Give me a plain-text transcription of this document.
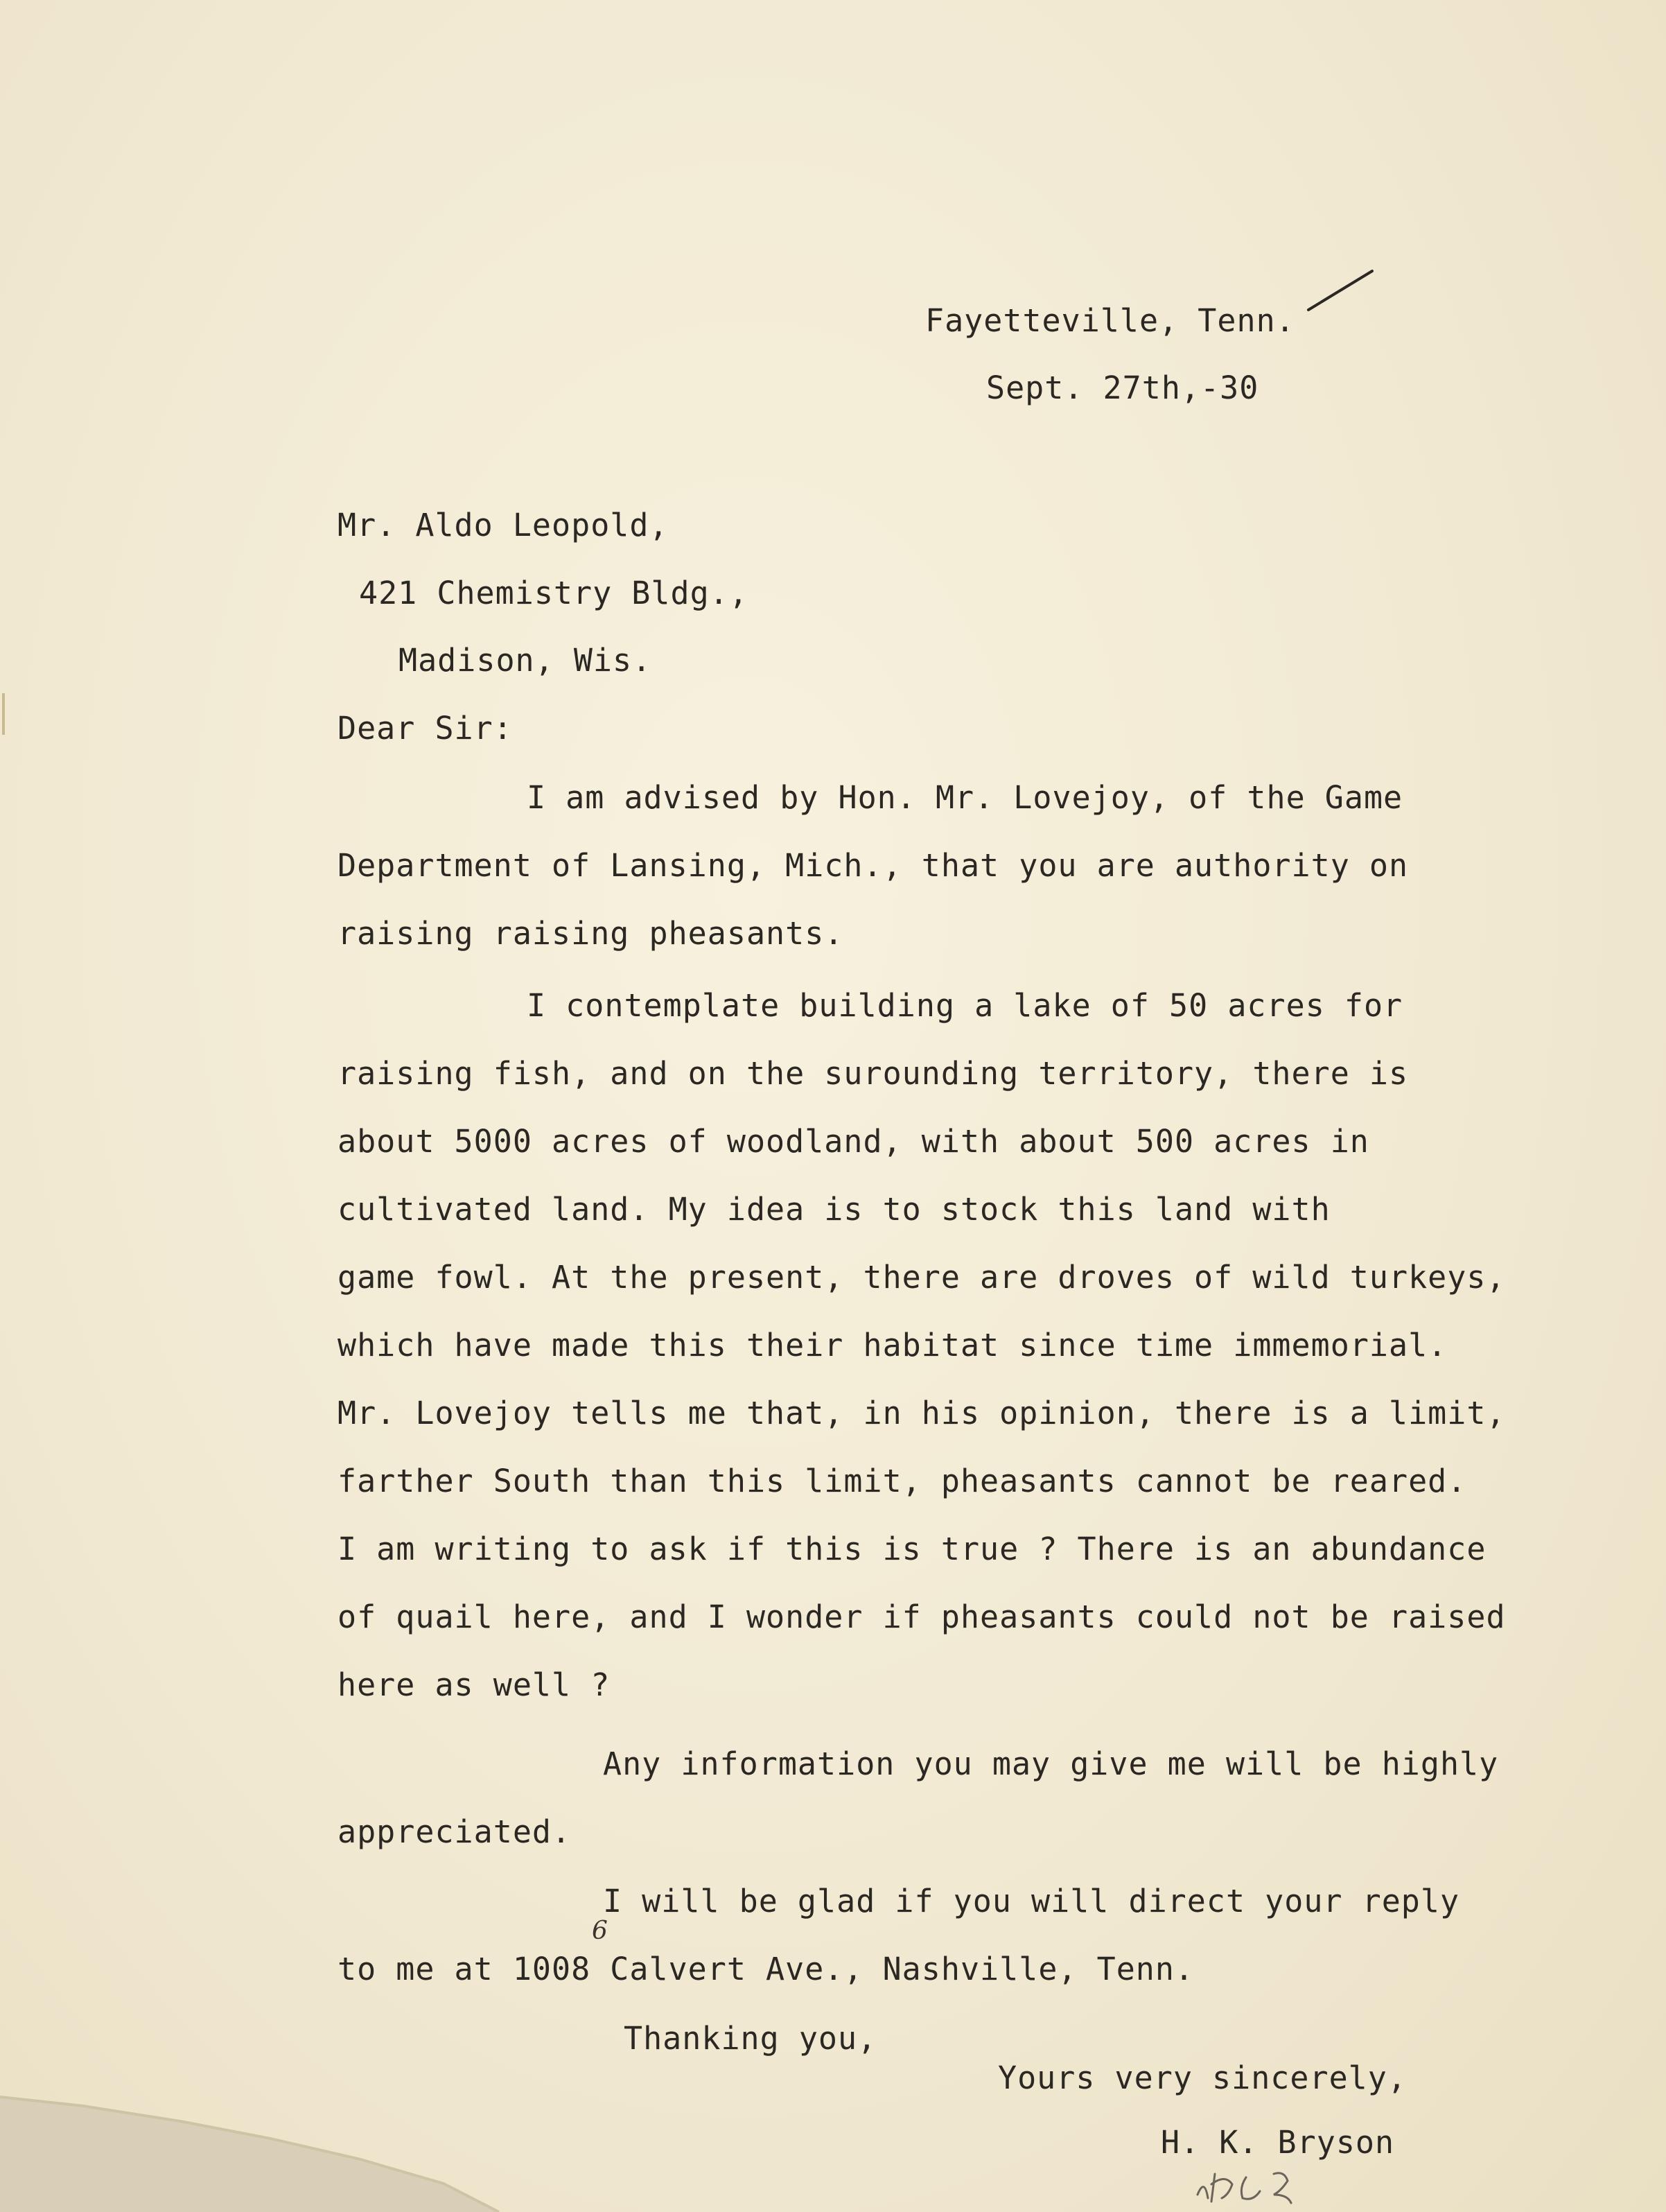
Fayetteville, Tenn.
Sept. 27th,-30
Mr. Aldo Leopold,
421 Chemistry Bldg.,
Madison, Wis.
Dear Sir:
I am advised by Hon. Mr. Lovejoy, of the Game
Department of Lansing, Mich., that you are authority on
raising raising pheasants.
I contemplate building a lake of 50 acres for
raising fish, and on the surounding territory, there is
about 5000 acres of woodland, with about 500 acres in
cultivated land. My idea is to stock this land with
game fowl. At the present, there are droves of wild turkeys,
which have made this their habitat since time immemorial.
Mr. Lovejoy tells me that, in his opinion, there is a limit,
farther South than this limit, pheasants cannot be reared.
I am writing to ask if this is true ? There is an abundance
of quail here, and I wonder if pheasants could not be raised
here as well ?
Any information you may give me will be highly
appreciated.
I will be glad if you will direct your reply
6
to me at 1008 Calvert Ave., Nashville, Tenn.
Thanking you,
Yours very sincerely,
H. K. Bryson
